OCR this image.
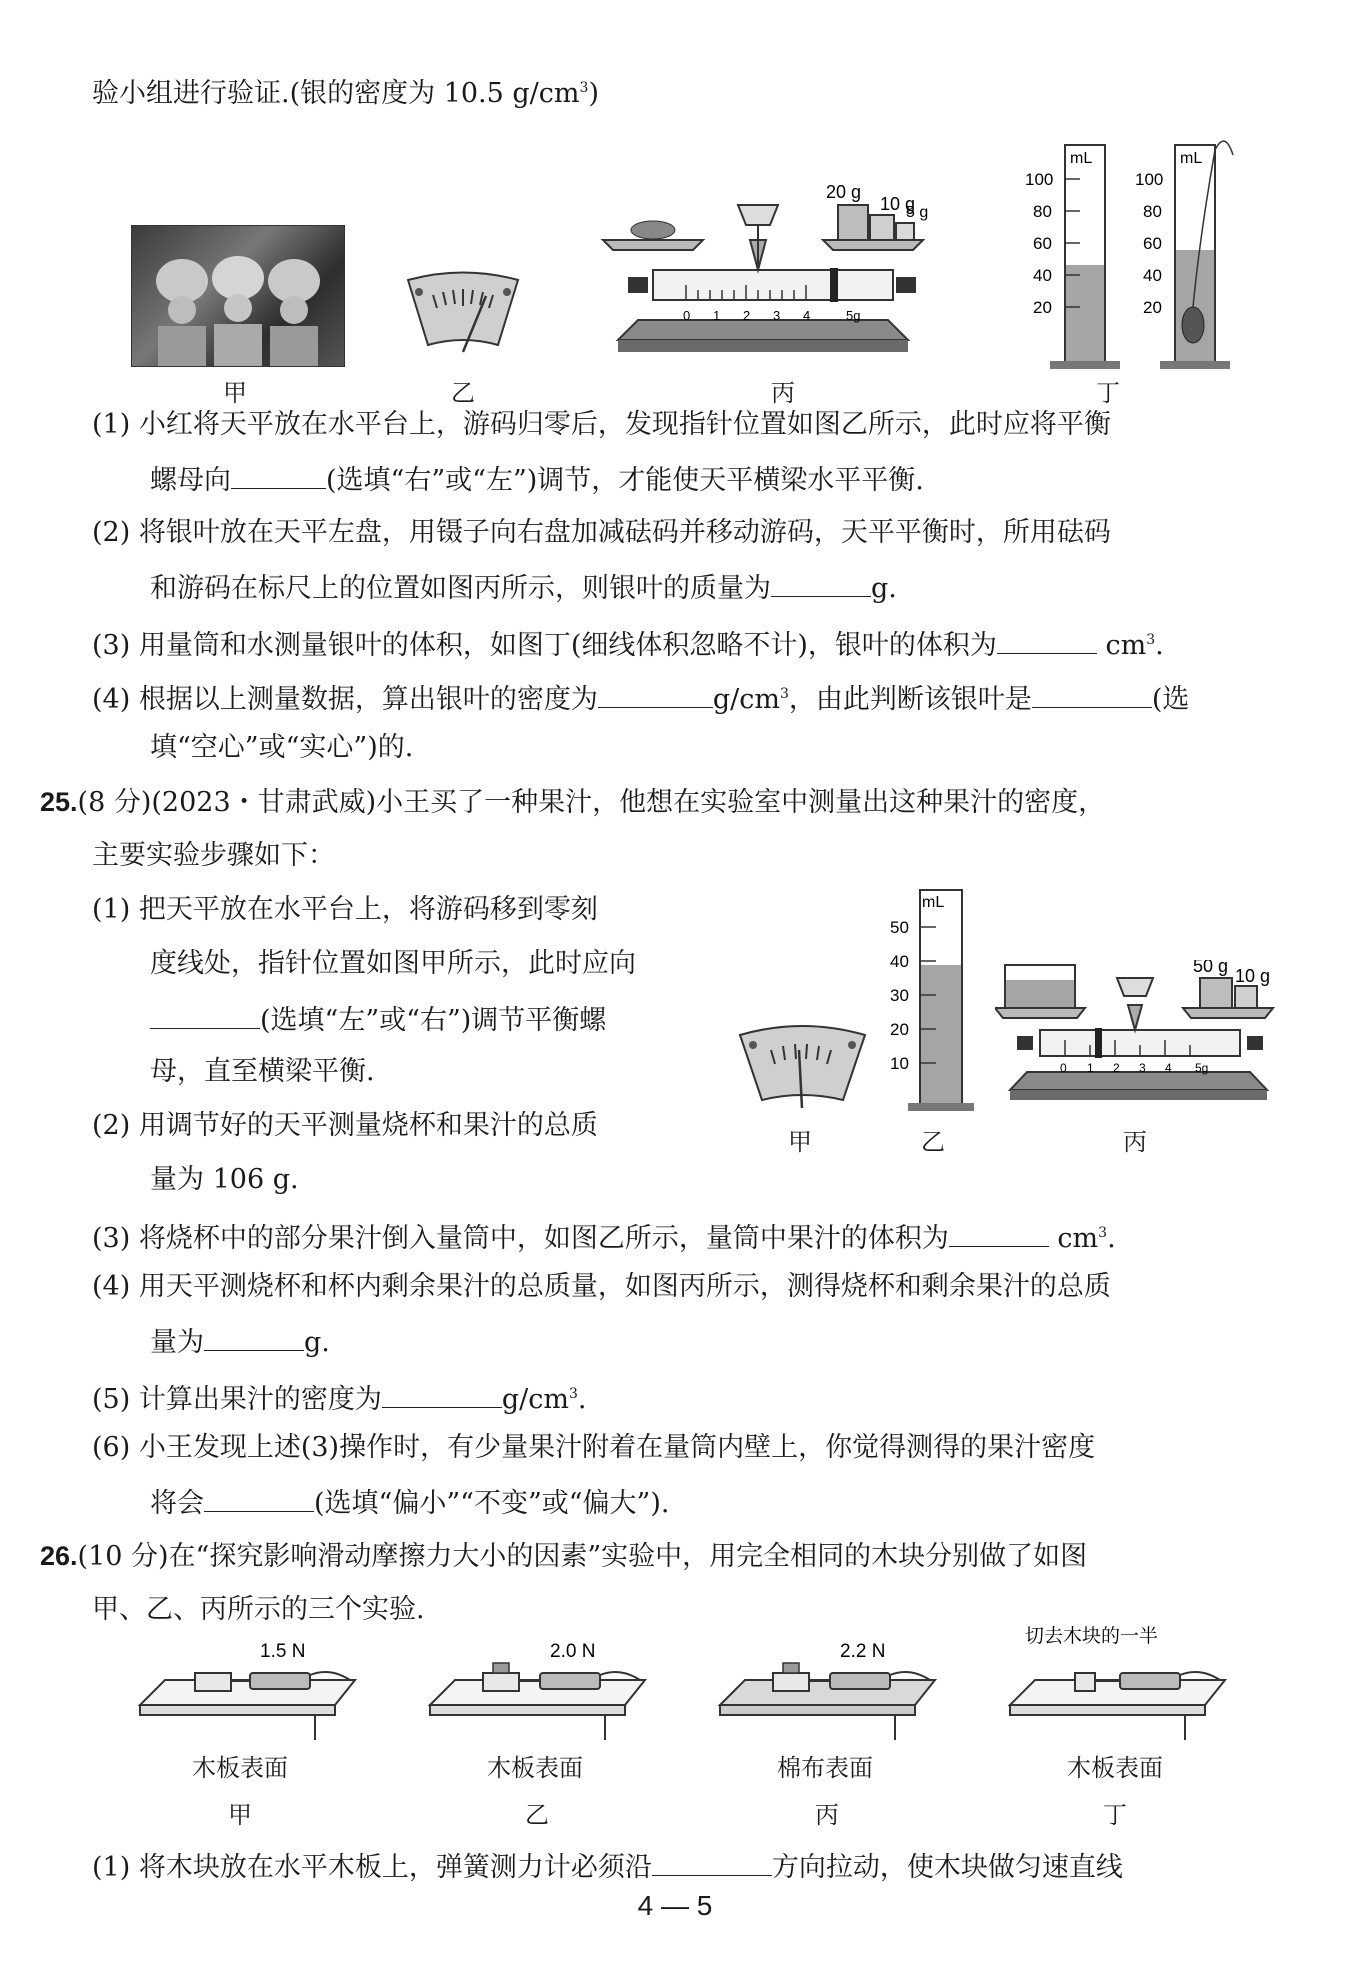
验小组进行验证.(银的密度为 10.5 $g/cm^3$)
甲	乙
0 1 2 3 4	5g
20 g
10 g
5 g
丙
mL
100
80
60
40
20
mL
100
80
60
40
20
丁
(1) 小红将天平放在水平台上，游码归零后，发现指针位置如图乙所示，此时应将平衡
螺母向	(选填“右”或“左”)调节，才能使天平横梁水平平衡.
(2) 将银叶放在天平左盘，用镊子向右盘加减砝码并移动游码，天平平衡时，所用砝码
和游码在标尺上的位置如图丙所示，则银叶的质量为	g.
(3) 用量筒和水测量银叶的体积，如图丁(细线体积忽略不计)，银叶的体积为	$cm^3$.
(4) 根据以上测量数据，算出银叶的密度为	$g/cm^3$，由此判断该银叶是	(选
填“空心”或“实心”)的.
25.(8 分)(2023・甘肃武威)小王买了一种果汁，他想在实验室中测量出这种果汁的密度，
主要实验步骤如下：
(1) 把天平放在水平台上，将游码移到零刻
度线处，指针位置如图甲所示，此时应向
(选填“左”或“右”)调节平衡螺
母，直至横梁平衡.
(2) 用调节好的天平测量烧杯和果汁的总质
量为 106 g.
甲
mL
50
40
30
20
10
乙
0 1 2 3 4 5g
50 g 10 g
丙
(3) 将烧杯中的部分果汁倒入量筒中，如图乙所示，量筒中果汁的体积为	$cm^3$.
(4) 用天平测烧杯和杯内剩余果汁的总质量，如图丙所示，测得烧杯和剩余果汁的总质
量为	g.
(5) 计算出果汁的密度为	$g/cm^3$.
(6) 小王发现上述(3)操作时，有少量果汁附着在量筒内壁上，你觉得测得的果汁密度
将会	(选填“偏小”“不变”或“偏大”).
26.(10 分)在“探究影响滑动摩擦力大小的因素”实验中，用完全相同的木块分别做了如图
甲、乙、丙所示的三个实验.
1.5 N
木板表面
甲
2.0 N
木板表面
乙
2.2 N
棉布表面
丙
切去木块的一半
木板表面
丁
(1) 将木块放在水平木板上，弹簧测力计必须沿	方向拉动，使木块做匀速直线
4 — 5
